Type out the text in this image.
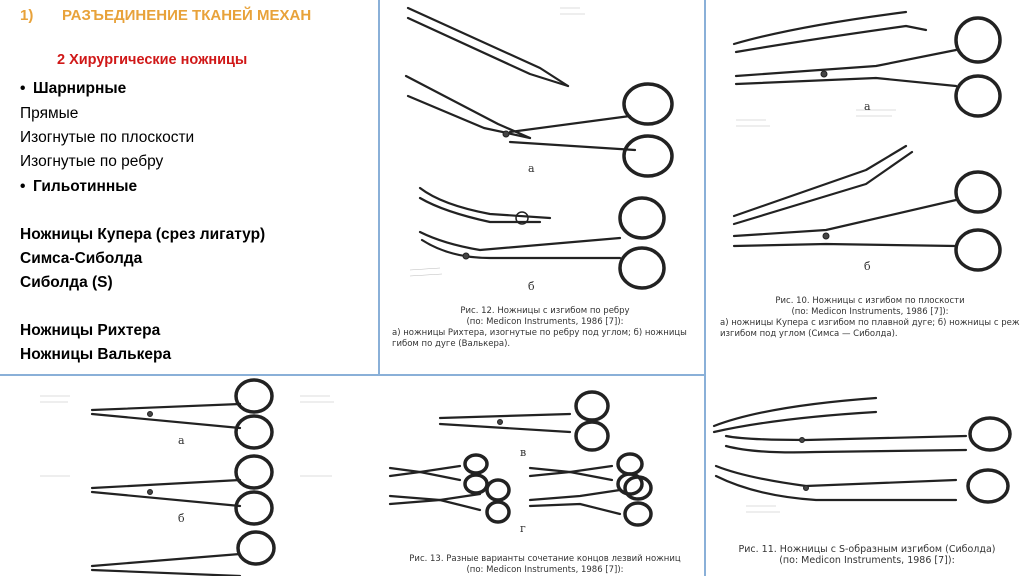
1) РАЗЪЕДИНЕНИЕ ТКАНЕЙ МЕХАН
2 Хирургические ножницы
• Шарнирные
Прямые
Изогнутые по плоскости
Изогнутые по ребру
• Гильотинные
Ножницы Купера (срез лигатур)
Симса-Сиболда
Сиболда (S)
Ножницы Рихтера
Ножницы Валькера
а
б
Рис. 12. Ножницы с изгибом по ребру
(по: Medicon Instruments, 1986 [7]):
а) ножницы Рихтера, изогнутые по ребру под углом; б) ножницы
гибом по дуге (Валькера).
а
б
Рис. 10. Ножницы с изгибом по плоскости
(по: Medicon Instruments, 1986 [7]):
а) ножницы Купера с изгибом по плавной дуге; б) ножницы с реж
изгибом под углом (Симса — Сиболда).
а
б
в
г
Рис. 13. Разные варианты сочетание концов лезвий ножниц
(по: Medicon Instruments, 1986 [7]):
Рис. 11. Ножницы с S-образным изгибом (Сиболда)
(по: Medicon Instruments, 1986 [7]):
